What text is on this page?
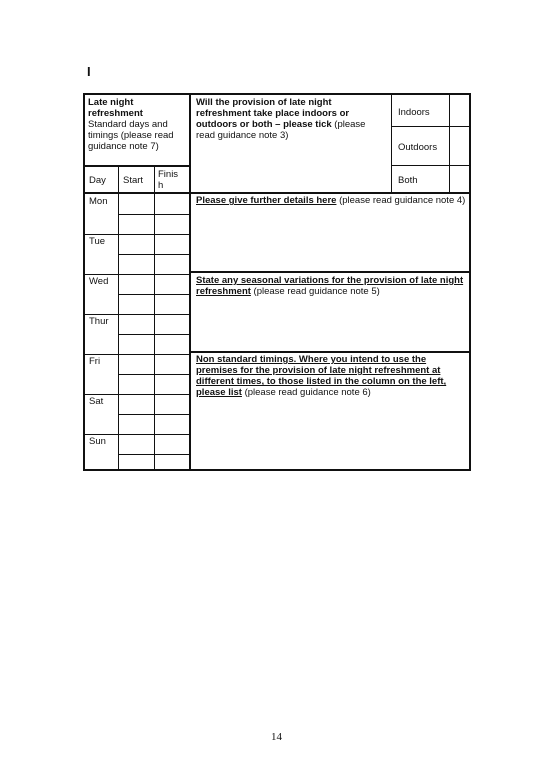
I
Late night refreshment
Standard days and timings (please read guidance note 7)
Day Start
Finis h
Mon
Tue
Wed
Thur
Fri
Sat
Sun
Will the provision of late night refreshment take place indoors or outdoors or both – please tick (please read guidance note 3)
Indoors
Outdoors
Both
Please give further details here (please read guidance note 4)
State any seasonal variations for the provision of late night refreshment (please read guidance note 5)
Non standard timings. Where you intend to use the premises for the provision of late night refreshment at different times, to those listed in the column on the left, please list (please read guidance note 6)
14
